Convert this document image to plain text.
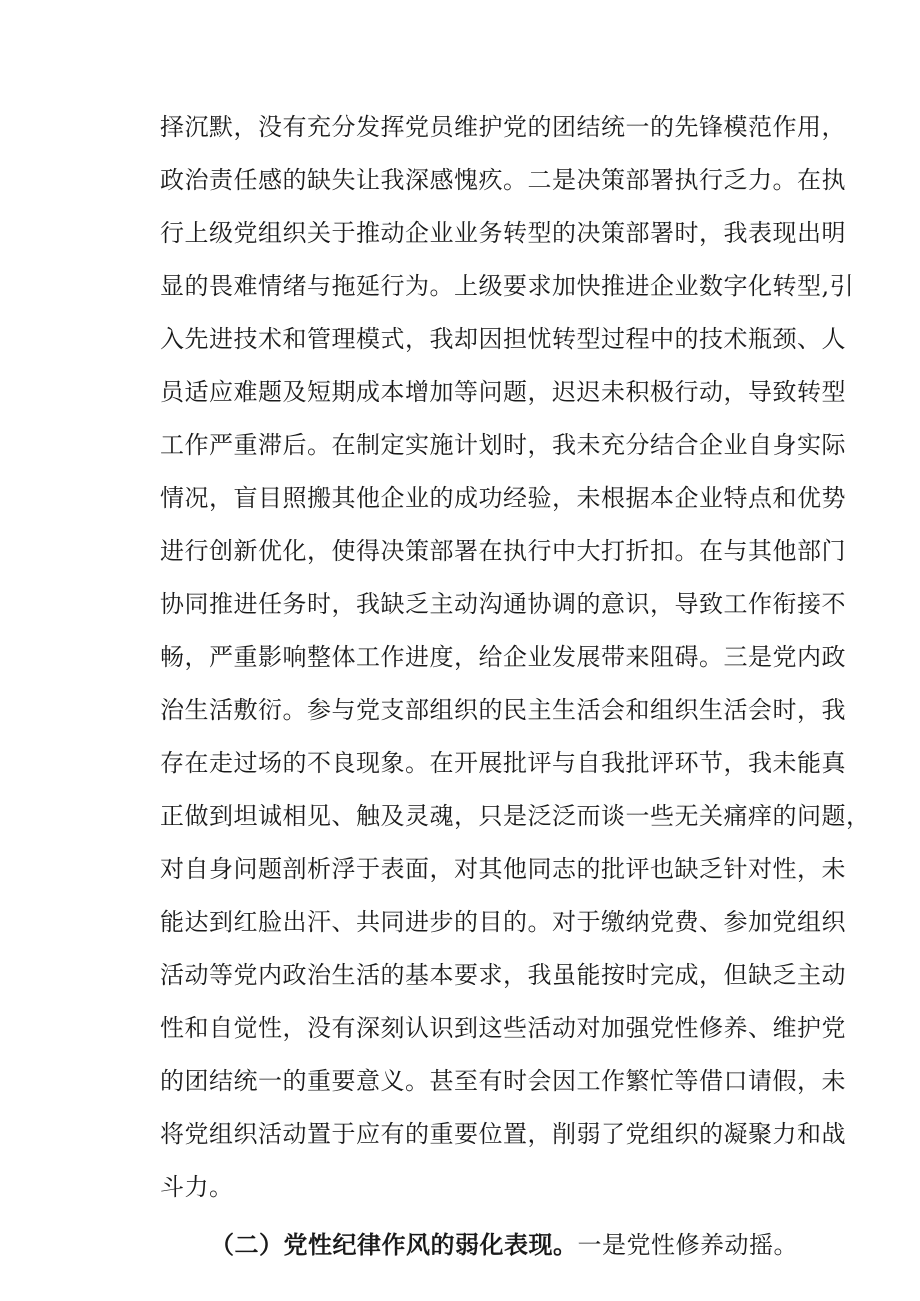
择沉默，没有充分发挥党员维护党的团结统一的先锋模范作用，
政治责任感的缺失让我深感愧疚。二是决策部署执行乏力。在执
行上级党组织关于推动企业业务转型的决策部署时，我表现出明
显的畏难情绪与拖延行为。上级要求加快推进企业数字化转型,引
入先进技术和管理模式，我却因担忧转型过程中的技术瓶颈、人
员适应难题及短期成本增加等问题，迟迟未积极行动，导致转型
工作严重滞后。在制定实施计划时，我未充分结合企业自身实际
情况，盲目照搬其他企业的成功经验，未根据本企业特点和优势
进行创新优化，使得决策部署在执行中大打折扣。在与其他部门
协同推进任务时，我缺乏主动沟通协调的意识，导致工作衔接不
畅，严重影响整体工作进度，给企业发展带来阻碍。三是党内政
治生活敷衍。参与党支部组织的民主生活会和组织生活会时，我
存在走过场的不良现象。在开展批评与自我批评环节，我未能真
正做到坦诚相见、触及灵魂，只是泛泛而谈一些无关痛痒的问题，
对自身问题剖析浮于表面，对其他同志的批评也缺乏针对性，未
能达到红脸出汗、共同进步的目的。对于缴纳党费、参加党组织
活动等党内政治生活的基本要求，我虽能按时完成，但缺乏主动
性和自觉性，没有深刻认识到这些活动对加强党性修养、维护党
的团结统一的重要意义。甚至有时会因工作繁忙等借口请假，未
将党组织活动置于应有的重要位置，削弱了党组织的凝聚力和战
斗力。
（二）党性纪律作风的弱化表现。一是党性修养动摇。
